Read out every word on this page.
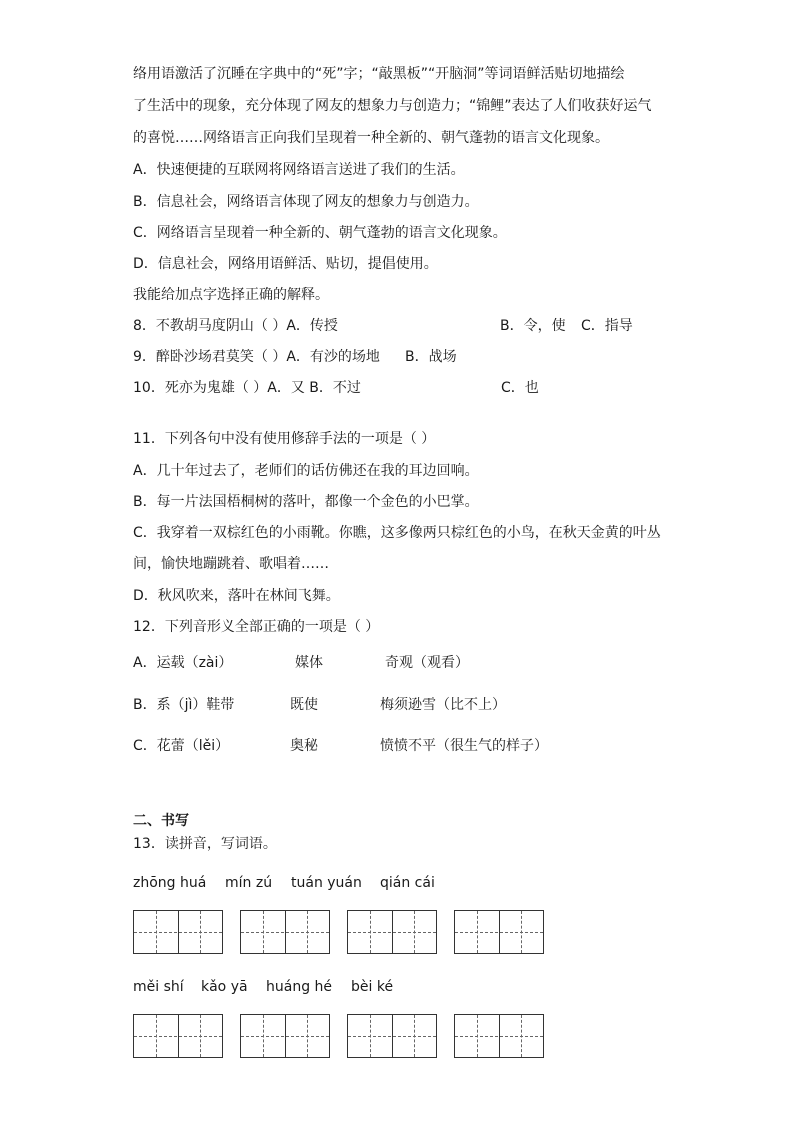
络用语激活了沉睡在字典中的“死”字；“敲黑板”“开脑洞”等词语鲜活贴切地描绘
了生活中的现象，充分体现了网友的想象力与创造力；“锦鲤”表达了人们收获好运气
的喜悦……网络语言正向我们呈现着一种全新的、朝气蓬勃的语言文化现象。
A．快速便捷的互联网将网络语言送进了我们的生活。
B．信息社会，网络语言体现了网友的想象力与创造力。
C．网络语言呈现着一种全新的、朝气蓬勃的语言文化现象。
D．信息社会，网络用语鲜活、贴切，提倡使用。
我能给加点字选择正确的解释。
8．不教胡马度阴山（ ）A．传授	B．令，使 C．指导
9．醉卧沙场君莫笑（ ）A．有沙的场地 B．战场
10．死亦为鬼雄（ ）A．又 B．不过	C．也
11．下列各句中没有使用修辞手法的一项是（ ）
A．几十年过去了，老师们的话仿佛还在我的耳边回响。
B．每一片法国梧桐树的落叶，都像一个金色的小巴掌。
C．我穿着一双棕红色的小雨靴。你瞧，这多像两只棕红色的小鸟，在秋天金黄的叶丛
间，愉快地蹦跳着、歌唱着……
D．秋风吹来，落叶在林间飞舞。
12．下列音形义全部正确的一项是（ ）
A．运载（zài）	媒体	奇观（观看）
B．系（jì）鞋带	既使	梅须逊雪（比不上）
C．花蕾（lěi）	奥秘	愤愤不平（很生气的样子）
二、书写
13．读拼音，写词语。
zhōng huá mín zú tuán yuán qián cái
měi shí kǎo yā huáng hé bèi ké
